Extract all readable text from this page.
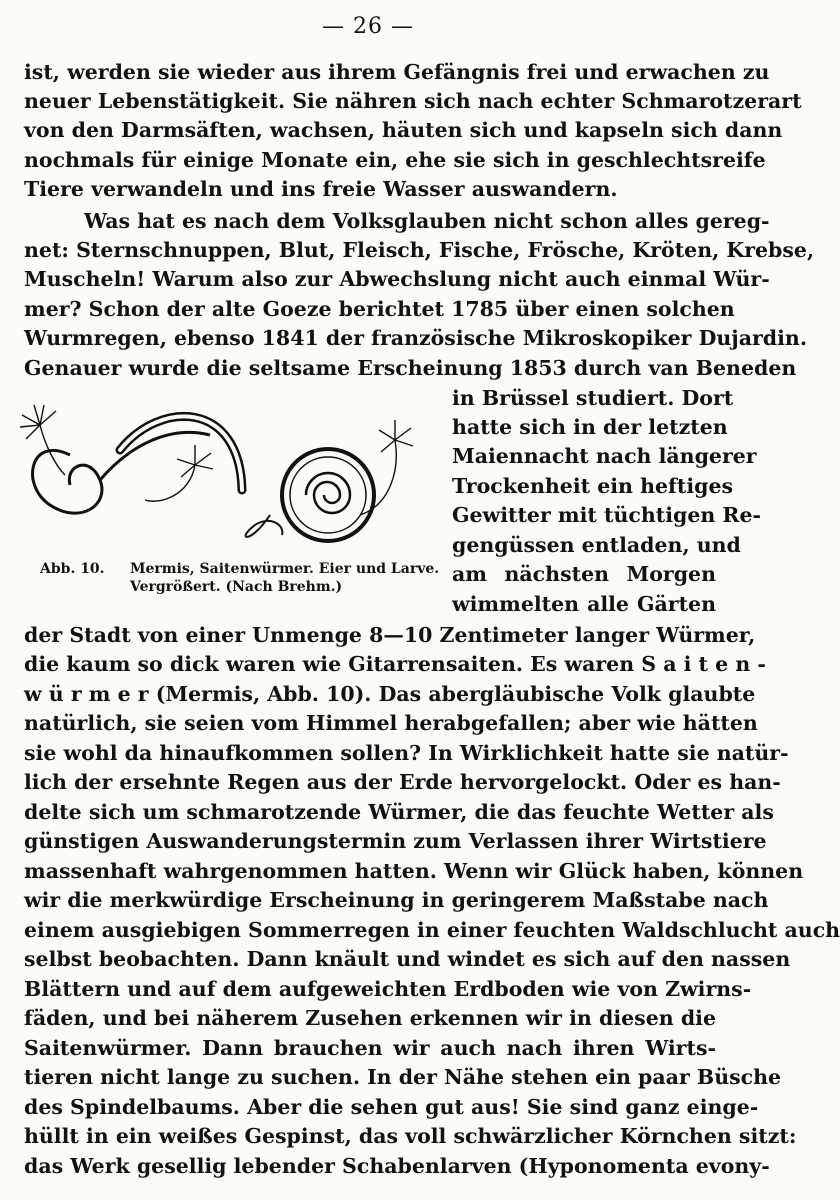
— 26 —
ist, werden sie wieder aus ihrem Gefängnis frei und erwachen zu
neuer Lebenstätigkeit. Sie nähren sich nach echter Schmarotzerart
von den Darmsäften, wachsen, häuten sich und kapseln sich dann
nochmals für einige Monate ein, ehe sie sich in geschlechtsreife
Tiere verwandeln und ins freie Wasser auswandern.
Was hat es nach dem Volksglauben nicht schon alles gereg-
net: Sternschnuppen, Blut, Fleisch, Fische, Frösche, Kröten, Krebse,
Muscheln! Warum also zur Abwechslung nicht auch einmal Wür-
mer? Schon der alte Goeze berichtet 1785 über einen solchen
Wurmregen, ebenso 1841 der französische Mikroskopiker Dujardin.
Genauer wurde die seltsame Erscheinung 1853 durch van Beneden
Abb. 10. Mermis, Saitenwürmer. Eier und Larve.
Vergrößert. (Nach Brehm.)
in Brüssel studiert. Dort
hatte sich in der letzten
Maiennacht nach längerer
Trockenheit ein heftiges
Gewitter mit tüchtigen Re-
gengüssen entladen, und
am nächsten Morgen
wimmelten alle Gärten
der Stadt von einer Unmenge 8—10 Zentimeter langer Würmer,
die kaum so dick waren wie Gitarrensaiten. Es waren S a i t e n -
w ü r m e r (Mermis, Abb. 10). Das abergläubische Volk glaubte
natürlich, sie seien vom Himmel herabgefallen; aber wie hätten
sie wohl da hinaufkommen sollen? In Wirklichkeit hatte sie natür-
lich der ersehnte Regen aus der Erde hervorgelockt. Oder es han-
delte sich um schmarotzende Würmer, die das feuchte Wetter als
günstigen Auswanderungstermin zum Verlassen ihrer Wirtstiere
massenhaft wahrgenommen hatten. Wenn wir Glück haben, können
wir die merkwürdige Erscheinung in geringerem Maßstabe nach
einem ausgiebigen Sommerregen in einer feuchten Waldschlucht auch
selbst beobachten. Dann knäult und windet es sich auf den nassen
Blättern und auf dem aufgeweichten Erdboden wie von Zwirns-
fäden, und bei näherem Zusehen erkennen wir in diesen die
Saitenwürmer. Dann brauchen wir auch nach ihren Wirts-
tieren nicht lange zu suchen. In der Nähe stehen ein paar Büsche
des Spindelbaums. Aber die sehen gut aus! Sie sind ganz einge-
hüllt in ein weißes Gespinst, das voll schwärzlicher Körnchen sitzt:
das Werk gesellig lebender Schabenlarven (Hyponomenta evony-
